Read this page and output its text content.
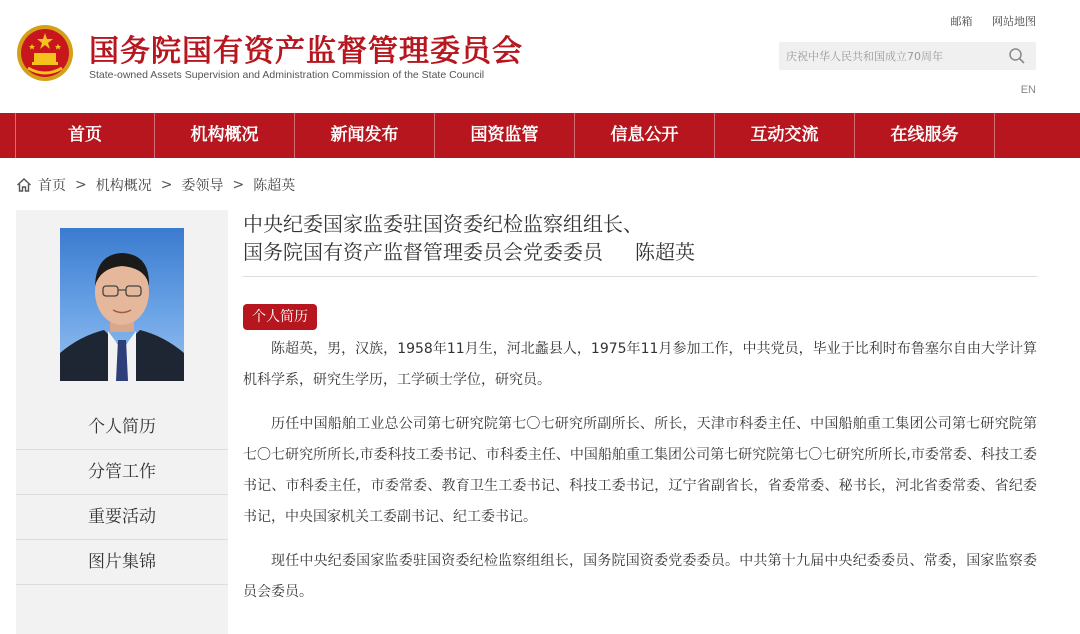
国务院国有资产监督管理委员会
State-owned Assets Supervision and Administration Commission of the State Council
邮箱 网站地图
庆祝中华人民共和国成立70周年
EN
首页	机构概况	新闻发布	国资监管	信息公开	互动交流	在线服务
首页 > 机构概况 > 委领导 > 陈超英
个人简历
分管工作
重要活动
图片集锦
中央纪委国家监委驻国资委纪检监察组组长、
国务院国有资产监督管理委员会党委委员 陈超英
个人简历

陈超英，男，汉族，1958年11月生，河北蠡县人，1975年11月参加工作，中共党员，毕业于比利时布鲁塞尔自由大学计算机科学系，研究生学历，工学硕士学位，研究员。

历任中国船舶工业总公司第七研究院第七〇七研究所副所长、所长，天津市科委主任、中国船舶重工集团公司第七研究院第七〇七研究所所长,市委科技工委书记、市科委主任、中国船舶重工集团公司第七研究院第七〇七研究所所长,市委常委、科技工委书记、市科委主任，市委常委、教育卫生工委书记、科技工委书记，辽宁省副省长，省委常委、秘书长，河北省委常委、省纪委书记，中央国家机关工委副书记、纪工委书记。

现任中央纪委国家监委驻国资委纪检监察组组长，国务院国资委党委委员。中共第十九届中央纪委委员、常委，国家监察委员会委员。
